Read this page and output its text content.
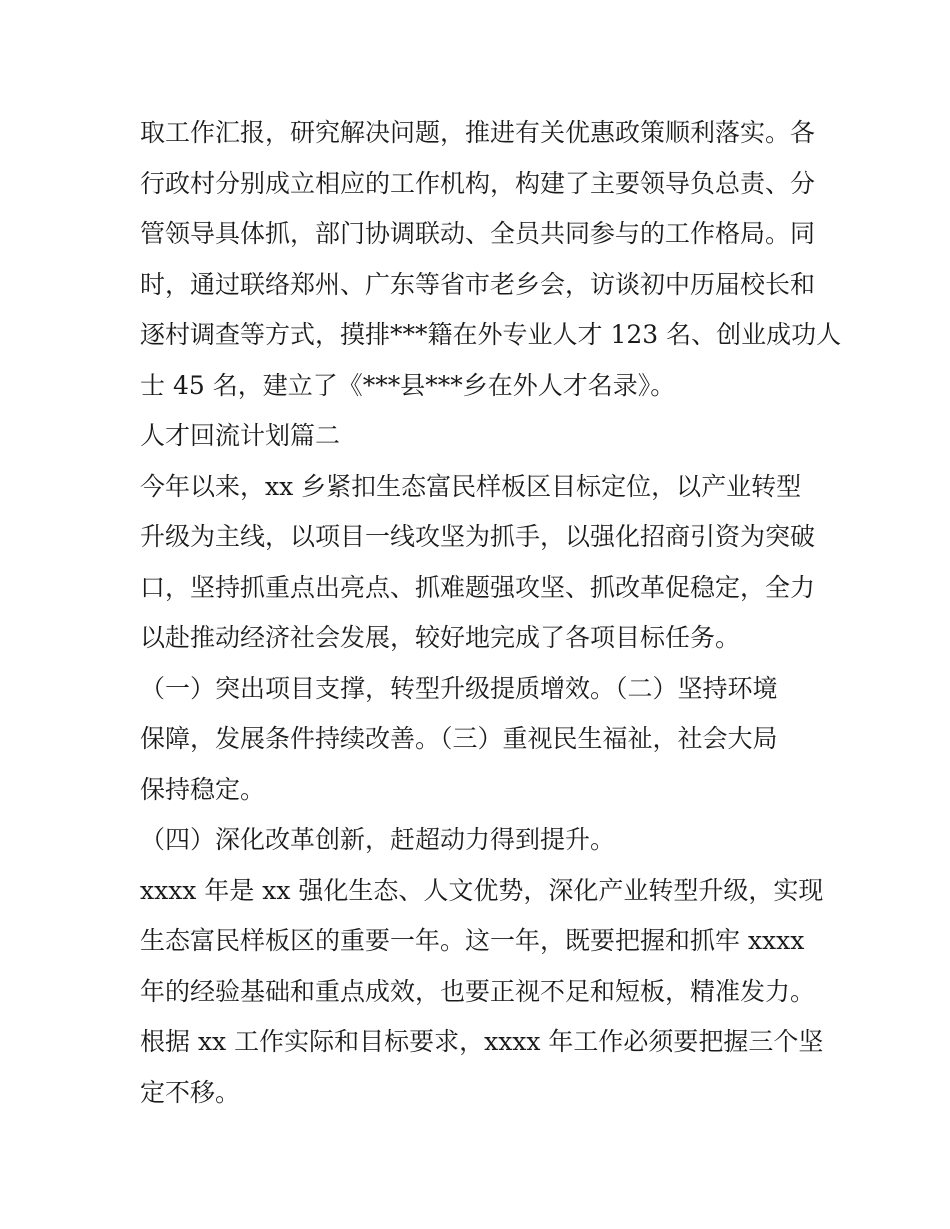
取工作汇报，研究解决问题，推进有关优惠政策顺利落实。各
行政村分别成立相应的工作机构，构建了主要领导负总责、分
管领导具体抓，部门协调联动、全员共同参与的工作格局。同
时，通过联络郑州、广东等省市老乡会，访谈初中历届校长和
逐村调查等方式，摸排***籍在外专业人才 123 名、创业成功人
士 45 名，建立了《***县***乡在外人才名录》。
人才回流计划篇二
今年以来，xx 乡紧扣生态富民样板区目标定位，以产业转型
升级为主线，以项目一线攻坚为抓手，以强化招商引资为突破
口，坚持抓重点出亮点、抓难题强攻坚、抓改革促稳定，全力
以赴推动经济社会发展，较好地完成了各项目标任务。
（一）突出项目支撑，转型升级提质增效。（二）坚持环境
保障，发展条件持续改善。（三）重视民生福祉，社会大局
保持稳定。
（四）深化改革创新，赶超动力得到提升。
xxxx 年是 xx 强化生态、人文优势，深化产业转型升级，实现
生态富民样板区的重要一年。这一年，既要把握和抓牢 xxxx
年的经验基础和重点成效，也要正视不足和短板，精准发力。
根据 xx 工作实际和目标要求，xxxx 年工作必须要把握三个坚
定不移。
